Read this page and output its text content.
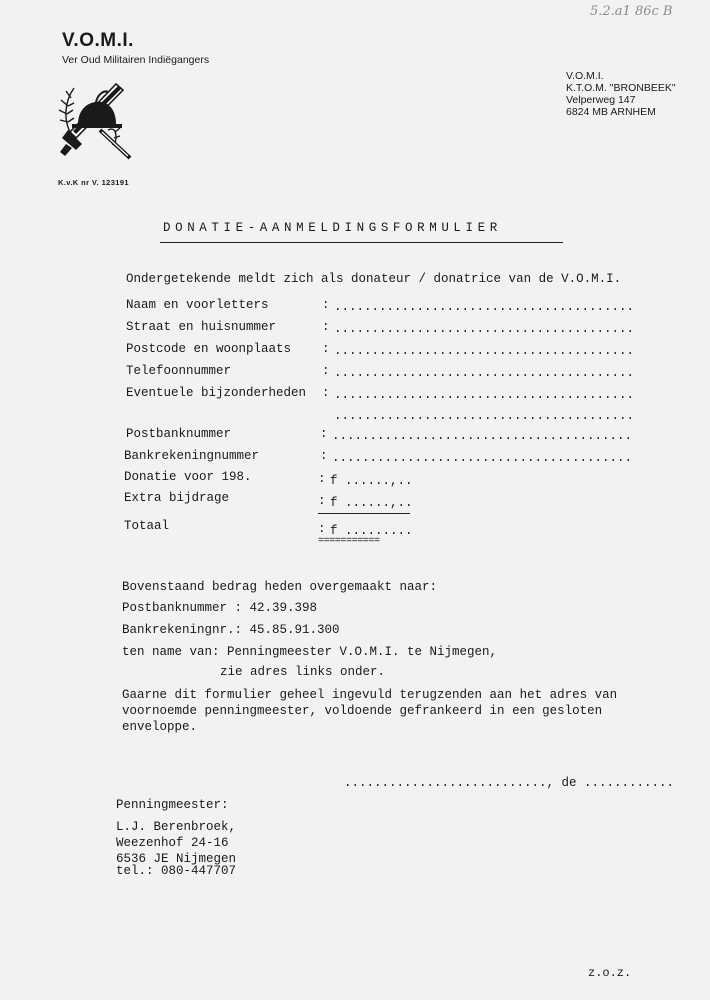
5.2.a1 86c B
V.O.M.I.
Ver Oud Militairen Indiëgangers
V.O.M.I.
K.T.O.M. "BRONBEEK"
Velperweg 147
6824 MB ARNHEM
K.v.K nr V. 123191
DONATIE-AANMELDINGSFORMULIER
Ondergetekende meldt zich als donateur / donatrice van de V.O.M.I.
Naam en voorletters	: ........................................
Straat en huisnummer	: ........................................
Postcode en woonplaats : ........................................
Telefoonnummer	: ........................................
Eventuele bijzonderheden : ........................................
........................................
Postbanknummer	: ........................................
Bankrekeningnummer	: ........................................
Donatie voor 198.	: f ......,..
Extra bijdrage	: f ......,..
Totaal	: f .........
===========
Bovenstaand bedrag heden overgemaakt naar:
Postbanknummer : 42.39.398
Bankrekeningnr.: 45.85.91.300
ten name van: Penningmeester V.O.M.I. te Nijmegen,
zie adres links onder.
Gaarne dit formulier geheel ingevuld terugzenden aan het adres van
voornoemde penningmeester, voldoende gefrankeerd in een gesloten
enveloppe.
..........................., de ............
Penningmeester:
L.J. Berenbroek,
Weezenhof 24-16
6536 JE Nijmegen
tel.: 080-447707
z.o.z.
